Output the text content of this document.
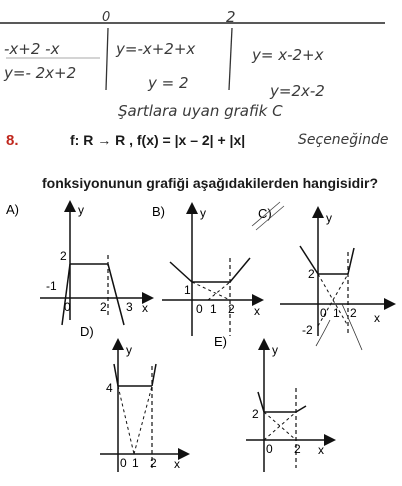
0	2
-x+2 -x
y=- 2x+2
y=-x+2+x
y = 2
y= x-2+x
y=2x-2
Şartlara uyan grafik C
Seçeneğinde
8.	f: R → R , f(x) = |x – 2| + |x|
fonksiyonunun grafiği aşağıdakilerden hangisidir?
A)	y
x
2
-1
0 2 3
B)	y
x
1
0 1 2
C)	y
x
2
0 1 2
-2
D)
y
x
4
0 1 2
E)
y
x
2
0 2
